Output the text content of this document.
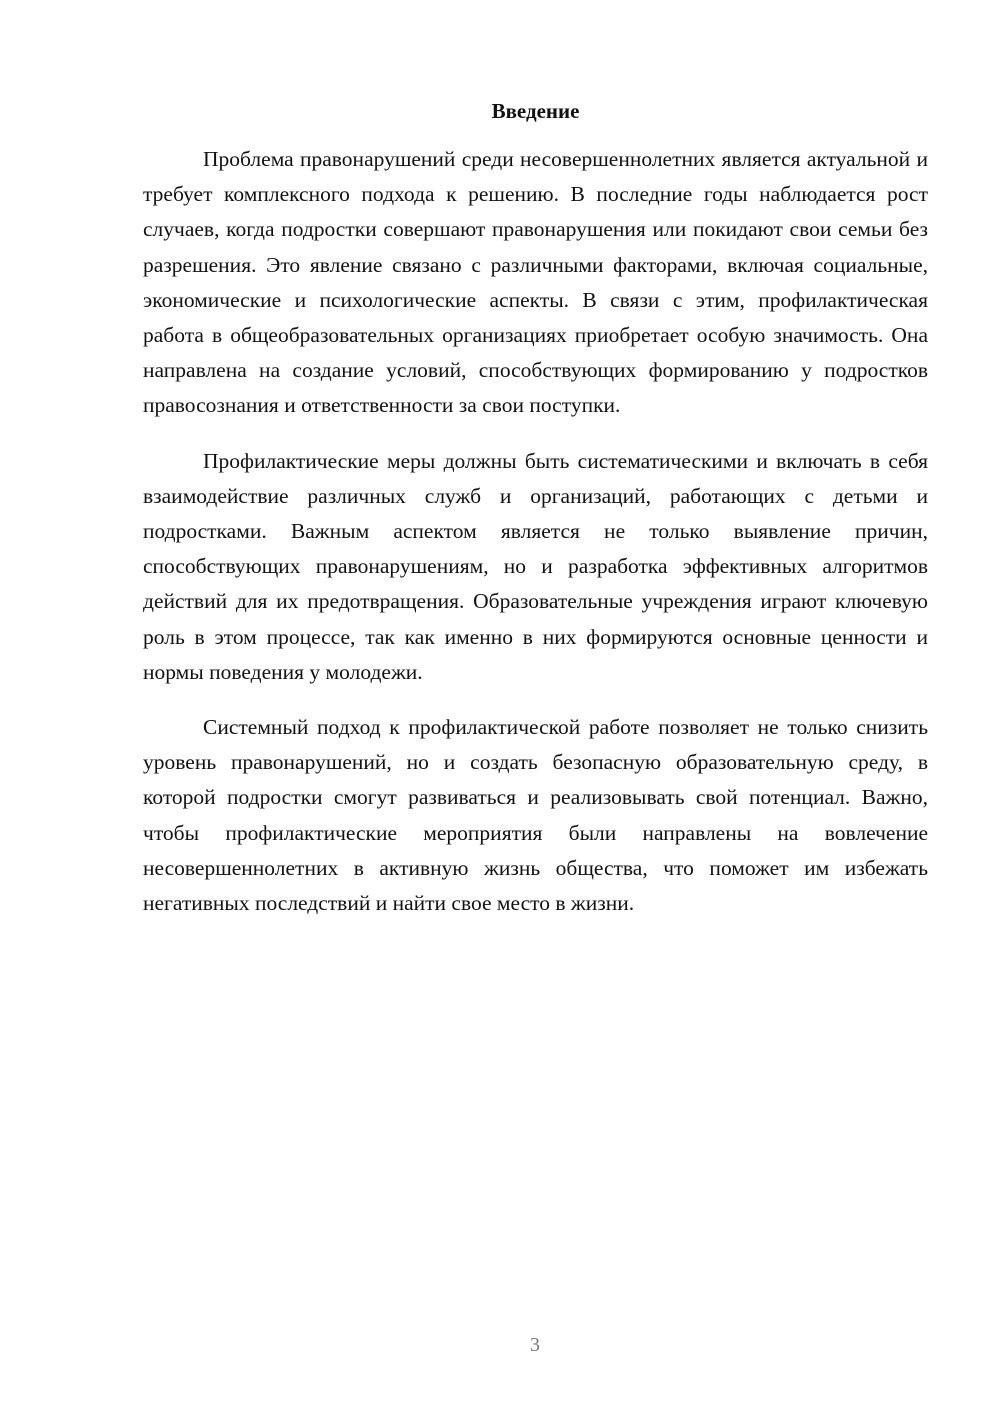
Введение

Проблема правонарушений среди несовершеннолетних является актуальной и требует комплексного подхода к решению. В последние годы наблюдается рост случаев, когда подростки совершают правонарушения или покидают свои семьи без разрешения. Это явление связано с различными факторами, включая социальные, экономические и психологические аспекты. В связи с этим, профилактическая работа в общеобразовательных организациях приобретает особую значимость. Она направлена на создание условий, способствующих формированию у подростков правосознания и ответственности за свои поступки.

Профилактические меры должны быть систематическими и включать в себя взаимодействие различных служб и организаций, работающих с детьми и подростками. Важным аспектом является не только выявление причин, способствующих правонарушениям, но и разработка эффективных алгоритмов действий для их предотвращения. Образовательные учреждения играют ключевую роль в этом процессе, так как именно в них формируются основные ценности и нормы поведения у молодежи.

Системный подход к профилактической работе позволяет не только снизить уровень правонарушений, но и создать безопасную образовательную среду, в которой подростки смогут развиваться и реализовывать свой потенциал. Важно, чтобы профилактические мероприятия были направлены на вовлечение несовершеннолетних в активную жизнь общества, что поможет им избежать негативных последствий и найти свое место в жизни.

3
